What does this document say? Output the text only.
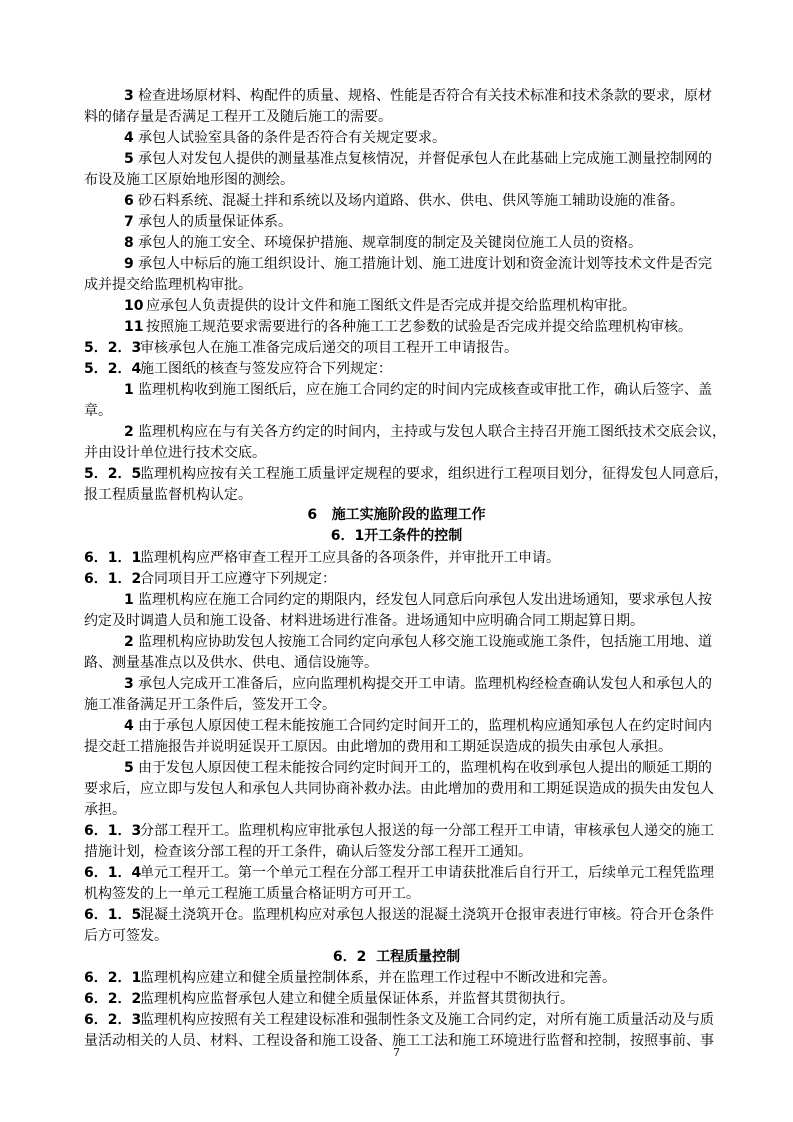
3 检查进场原材料、构配件的质量、规格、性能是否符合有关技术标准和技术条款的要求，原材
料的储存量是否满足工程开工及随后施工的需要。
4 承包人试验室具备的条件是否符合有关规定要求。
5 承包人对发包人提供的测量基准点复核情况，并督促承包人在此基础上完成施工测量控制网的
布设及施工区原始地形图的测绘。
6 砂石料系统、混凝土拌和系统以及场内道路、供水、供电、供风等施工辅助设施的准备。
7 承包人的质量保证体系。
8 承包人的施工安全、环境保护措施、规章制度的制定及关键岗位施工人员的资格。
9 承包人中标后的施工组织设计、施工措施计划、施工进度计划和资金流计划等技术文件是否完
成并提交给监理机构审批。
10 应承包人负责提供的设计文件和施工图纸文件是否完成并提交给监理机构审批。
11 按照施工规范要求需要进行的各种施工工艺参数的试验是否完成并提交给监理机构审核。
5．2．3
审核承包人在施工准备完成后递交的项目工程开工申请报告。
5．2．4
施工图纸的核查与签发应符合下列规定：
1 监理机构收到施工图纸后，应在施工合同约定的时间内完成核查或审批工作，确认后签字、盖
章。
2 监理机构应在与有关各方约定的时间内，主持或与发包人联合主持召开施工图纸技术交底会议，
并由设计单位进行技术交底。
5．2．5
监理机构应按有关工程施工质量评定规程的要求，组织进行工程项目划分，征得发包人同意后，
报工程质量监督机构认定。
6 施工实施阶段的监理工作
6．1开工条件的控制
6．1．1
监理机构应严格审查工程开工应具备的各项条件，并审批开工申请。
6．1．2
合同项目开工应遵守下列规定：
1 监理机构应在施工合同约定的期限内，经发包人同意后向承包人发出进场通知，要求承包人按
约定及时调遣人员和施工设备、材料进场进行准备。进场通知中应明确合同工期起算日期。
2 监理机构应协助发包人按施工合同约定向承包人移交施工设施或施工条件，包括施工用地、道
路、测量基准点以及供水、供电、通信设施等。
3 承包人完成开工准备后，应向监理机构提交开工申请。监理机构经检查确认发包人和承包人的
施工准备满足开工条件后，签发开工令。
4 由于承包人原因使工程未能按施工合同约定时间开工的，监理机构应通知承包人在约定时间内
提交赶工措施报告并说明延误开工原因。由此增加的费用和工期延误造成的损失由承包人承担。
5 由于发包人原因使工程未能按合同约定时间开工的，监理机构在收到承包人提出的顺延工期的
要求后，应立即与发包人和承包人共同协商补救办法。由此增加的费用和工期延误造成的损失由发包人
承担。
6．1．3
分部工程开工。监理机构应审批承包人报送的每一分部工程开工申请，审核承包人递交的施工
措施计划，检查该分部工程的开工条件，确认后签发分部工程开工通知。
6．1．4
单元工程开工。第一个单元工程在分部工程开工申请获批准后自行开工，后续单元工程凭监理
机构签发的上一单元工程施工质量合格证明方可开工。
6．1．5
混凝土浇筑开仓。监理机构应对承包人报送的混凝土浇筑开仓报审表进行审核。符合开仓条件
后方可签发。
6．2 工程质量控制
6．2．1
监理机构应建立和健全质量控制体系，并在监理工作过程中不断改进和完善。
6．2．2
监理机构应监督承包人建立和健全质量保证体系，并监督其贯彻执行。
6．2．3
监理机构应按照有关工程建设标准和强制性条文及施工合同约定，对所有施工质量活动及与质
量活动相关的人员、材料、工程设备和施工设备、施工工法和施工环境进行监督和控制，按照事前、事
7
